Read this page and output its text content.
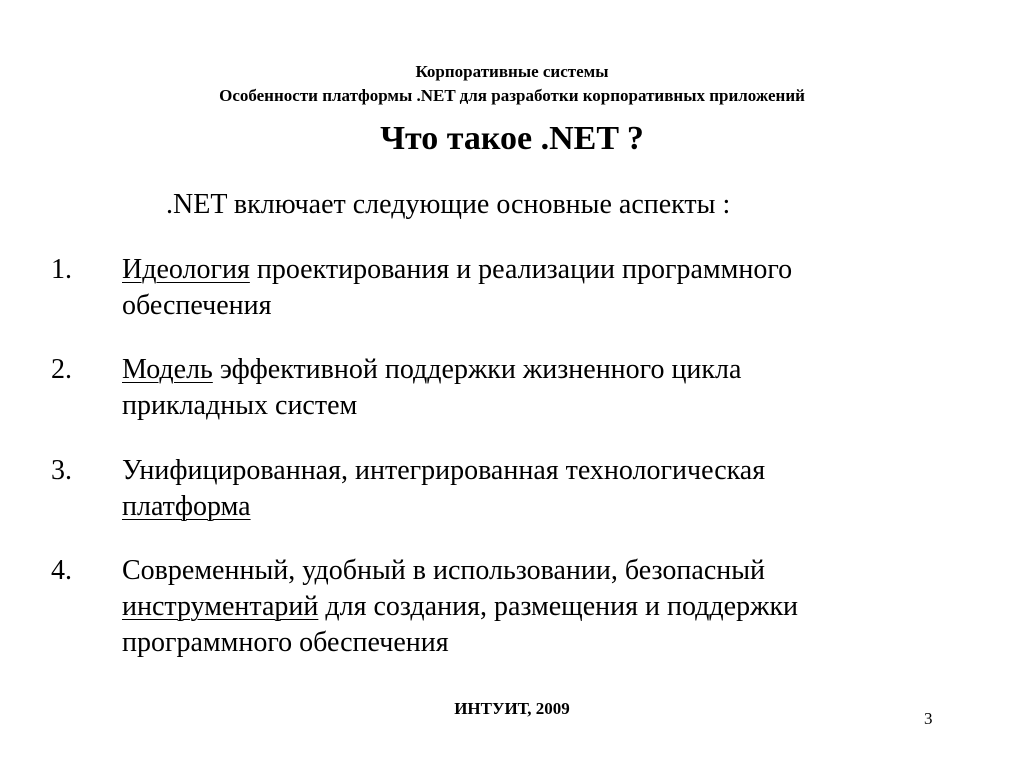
Корпоративные системы
Особенности платформы .NET для разработки корпоративных приложений
Что такое .NET ?
.NET включает следующие основные аспекты :
1. Идеология проектирования и реализации программного
обеспечения
2. Модель эффективной поддержки жизненного цикла
прикладных систем
3. Унифицированная, интегрированная технологическая
платформа
4. Современный, удобный в использовании, безопасный
инструментарий для создания, размещения и поддержки
программного обеспечения
ИНТУИТ, 2009
3
